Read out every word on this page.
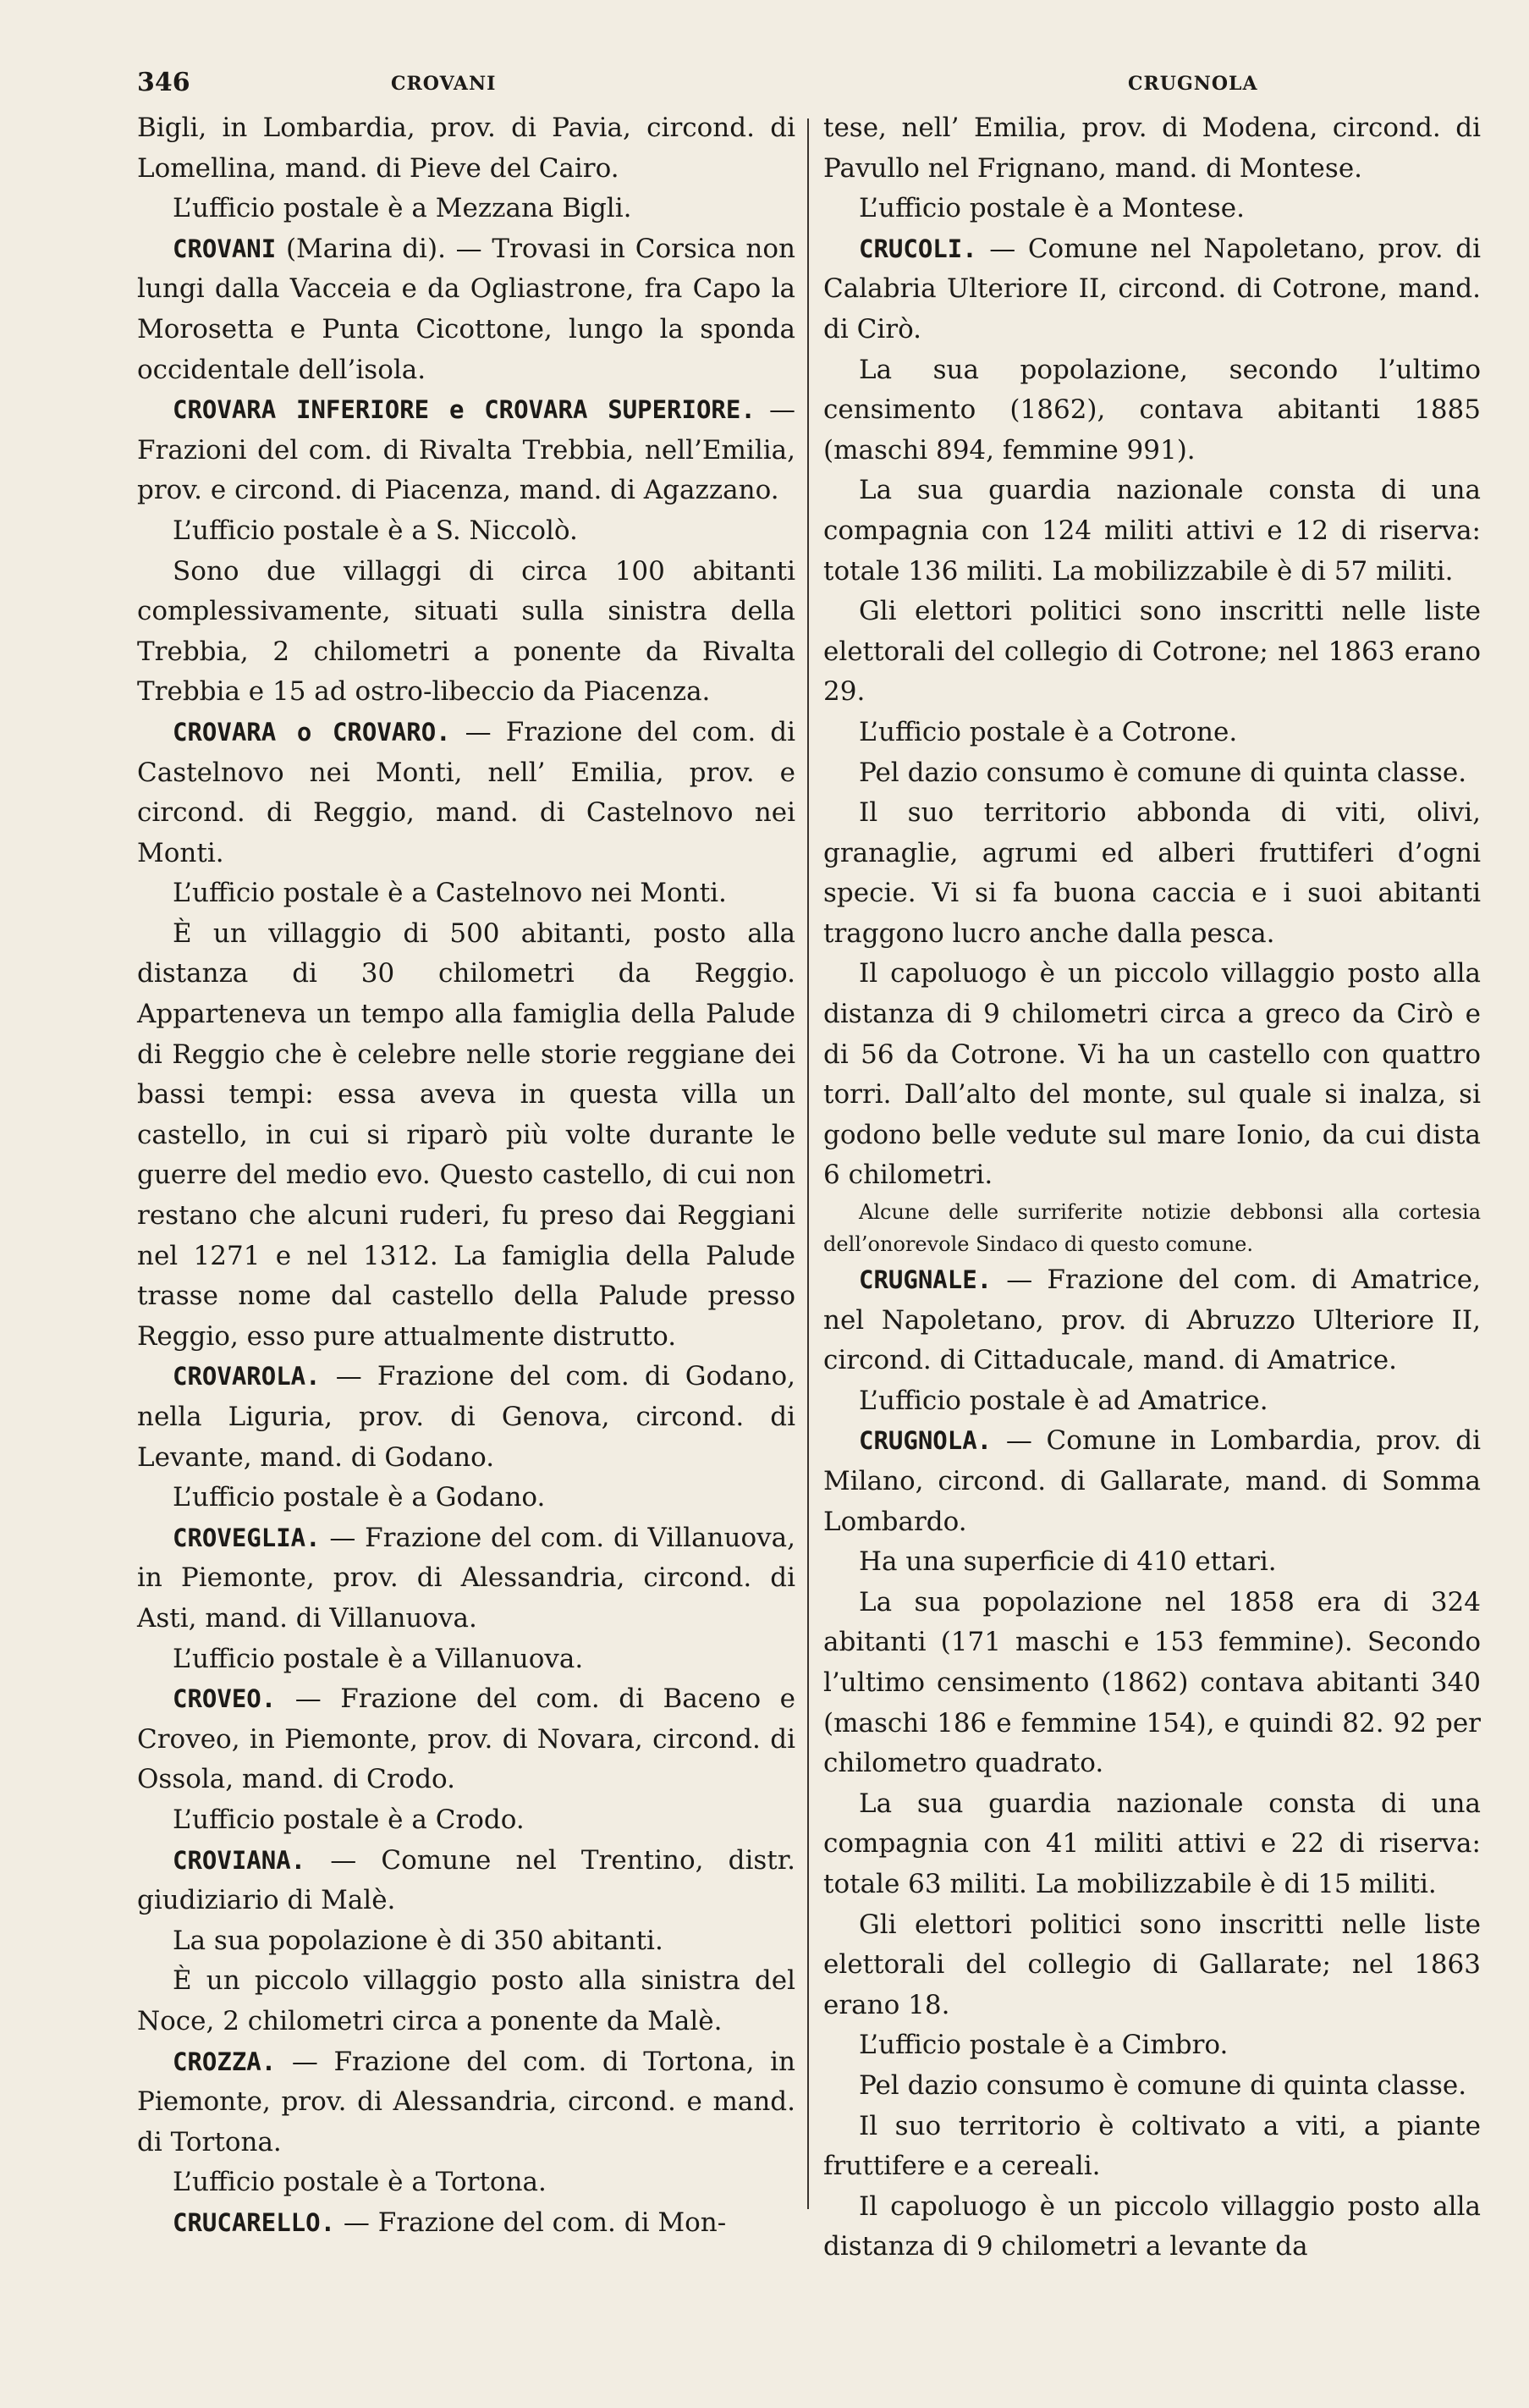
346	CROVANI	CRUGNOLA

Bigli, in Lombardia, prov. di Pavia, circond. di Lomellina, mand. di Pieve del Cairo.

L’ufficio postale è a Mezzana Bigli.

CROVANI (Marina di). — Trovasi in Corsica non lungi dalla Vacceia e da Ogliastrone, fra Capo la Morosetta e Punta Cicottone, lungo la sponda occidentale dell’isola.

CROVARA INFERIORE e CROVARA SUPERIORE. — Frazioni del com. di Rivalta Trebbia, nell’Emilia, prov. e circond. di Piacenza, mand. di Agazzano.

L’ufficio postale è a S. Niccolò.

Sono due villaggi di circa 100 abitanti complessivamente, situati sulla sinistra della Trebbia, 2 chilometri a ponente da Rivalta Trebbia e 15 ad ostro-libeccio da Piacenza.

CROVARA o CROVARO. — Frazione del com. di Castelnovo nei Monti, nell’ Emilia, prov. e circond. di Reggio, mand. di Castelnovo nei Monti.

L’ufficio postale è a Castelnovo nei Monti.

È un villaggio di 500 abitanti, posto alla distanza di 30 chilometri da Reggio. Apparteneva un tempo alla famiglia della Palude di Reggio che è celebre nelle storie reggiane dei bassi tempi: essa aveva in questa villa un castello, in cui si riparò più volte durante le guerre del medio evo. Questo castello, di cui non restano che alcuni ruderi, fu preso dai Reggiani nel 1271 e nel 1312. La famiglia della Palude trasse nome dal castello della Palude presso Reggio, esso pure attualmente distrutto.

CROVAROLA. — Frazione del com. di Godano, nella Liguria, prov. di Genova, circond. di Levante, mand. di Godano.

L’ufficio postale è a Godano.

CROVEGLIA. — Frazione del com. di Villanuova, in Piemonte, prov. di Alessandria, circond. di Asti, mand. di Villanuova.

L’ufficio postale è a Villanuova.

CROVEO. — Frazione del com. di Baceno e Croveo, in Piemonte, prov. di Novara, circond. di Ossola, mand. di Crodo.

L’ufficio postale è a Crodo.

CROVIANA. — Comune nel Trentino, distr. giudiziario di Malè.

La sua popolazione è di 350 abitanti.

È un piccolo villaggio posto alla sinistra del Noce, 2 chilometri circa a ponente da Malè.

CROZZA. — Frazione del com. di Tortona, in Piemonte, prov. di Alessandria, circond. e mand. di Tortona.

L’ufficio postale è a Tortona.

CRUCARELLO. — Frazione del com. di Mon-

tese, nell’ Emilia, prov. di Modena, circond. di Pavullo nel Frignano, mand. di Montese.

L’ufficio postale è a Montese.

CRUCOLI. — Comune nel Napoletano, prov. di Calabria Ulteriore II, circond. di Cotrone, mand. di Cirò.

La sua popolazione, secondo l’ultimo censimento (1862), contava abitanti 1885 (maschi 894, femmine 991).

La sua guardia nazionale consta di una compagnia con 124 militi attivi e 12 di riserva: totale 136 militi. La mobilizzabile è di 57 militi.

Gli elettori politici sono inscritti nelle liste elettorali del collegio di Cotrone; nel 1863 erano 29.

L’ufficio postale è a Cotrone.

Pel dazio consumo è comune di quinta classe.

Il suo territorio abbonda di viti, olivi, granaglie, agrumi ed alberi fruttiferi d’ogni specie. Vi si fa buona caccia e i suoi abitanti traggono lucro anche dalla pesca.

Il capoluogo è un piccolo villaggio posto alla distanza di 9 chilometri circa a greco da Cirò e di 56 da Cotrone. Vi ha un castello con quattro torri. Dall’alto del monte, sul quale si inalza, si godono belle vedute sul mare Ionio, da cui dista 6 chilometri.

Alcune delle surriferite notizie debbonsi alla cortesia dell’onorevole Sindaco di questo comune.

CRUGNALE. — Frazione del com. di Amatrice, nel Napoletano, prov. di Abruzzo Ulteriore II, circond. di Cittaducale, mand. di Amatrice.

L’ufficio postale è ad Amatrice.

CRUGNOLA. — Comune in Lombardia, prov. di Milano, circond. di Gallarate, mand. di Somma Lombardo.

Ha una superficie di 410 ettari.

La sua popolazione nel 1858 era di 324 abitanti (171 maschi e 153 femmine). Secondo l’ultimo censimento (1862) contava abitanti 340 (maschi 186 e femmine 154), e quindi 82. 92 per chilometro quadrato.

La sua guardia nazionale consta di una compagnia con 41 militi attivi e 22 di riserva: totale 63 militi. La mobilizzabile è di 15 militi.

Gli elettori politici sono inscritti nelle liste elettorali del collegio di Gallarate; nel 1863 erano 18.

L’ufficio postale è a Cimbro.

Pel dazio consumo è comune di quinta classe.

Il suo territorio è coltivato a viti, a piante fruttifere e a cereali.

Il capoluogo è un piccolo villaggio posto alla distanza di 9 chilometri a levante da
